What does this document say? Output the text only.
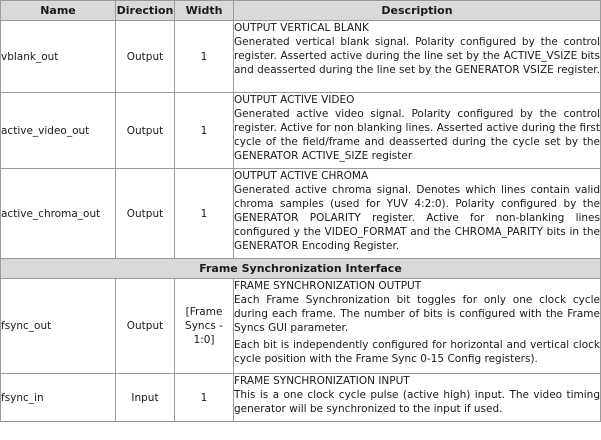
Name	Direction	Width	Description
vblank_out	Output	1	OUTPUT VERTICAL BLANK
Generated vertical blank signal. Polarity configured by the control register. Asserted active during the line set by the ACTIVE_VSIZE bits and deasserted during the line set by the GENERATOR VSIZE register.

active_video_out	Output	1	OUTPUT ACTIVE VIDEO
Generated active video signal. Polarity configured by the control register. Active for non blanking lines. Asserted active during the first cycle of the field/frame and deasserted during the cycle set by the GENERATOR ACTIVE_SIZE register

active_chroma_out	Output	1	OUTPUT ACTIVE CHROMA
Generated active chroma signal. Denotes which lines contain valid chroma samples (used for YUV 4:2:0). Polarity configured by the GENERATOR POLARITY register. Active for non-blanking lines configured y the VIDEO_FORMAT and the CHROMA_PARITY bits in the GENERATOR Encoding Register.

Frame Synchronization Interface			
fsync_out	Output	[Frame Syncs - 1:0]	FRAME SYNCHRONIZATION OUTPUT
Each Frame Synchronization bit toggles for only one clock cycle during each frame. The number of bits is configured with the Frame Syncs GUI parameter.
Each bit is independently configured for horizontal and vertical clock cycle position with the Frame Sync 0-15 Config registers).

fsync_in	Input	1	FRAME SYNCHRONIZATION INPUT
This is a one clock cycle pulse (active high) input. The video timing generator will be synchronized to the input if used.
